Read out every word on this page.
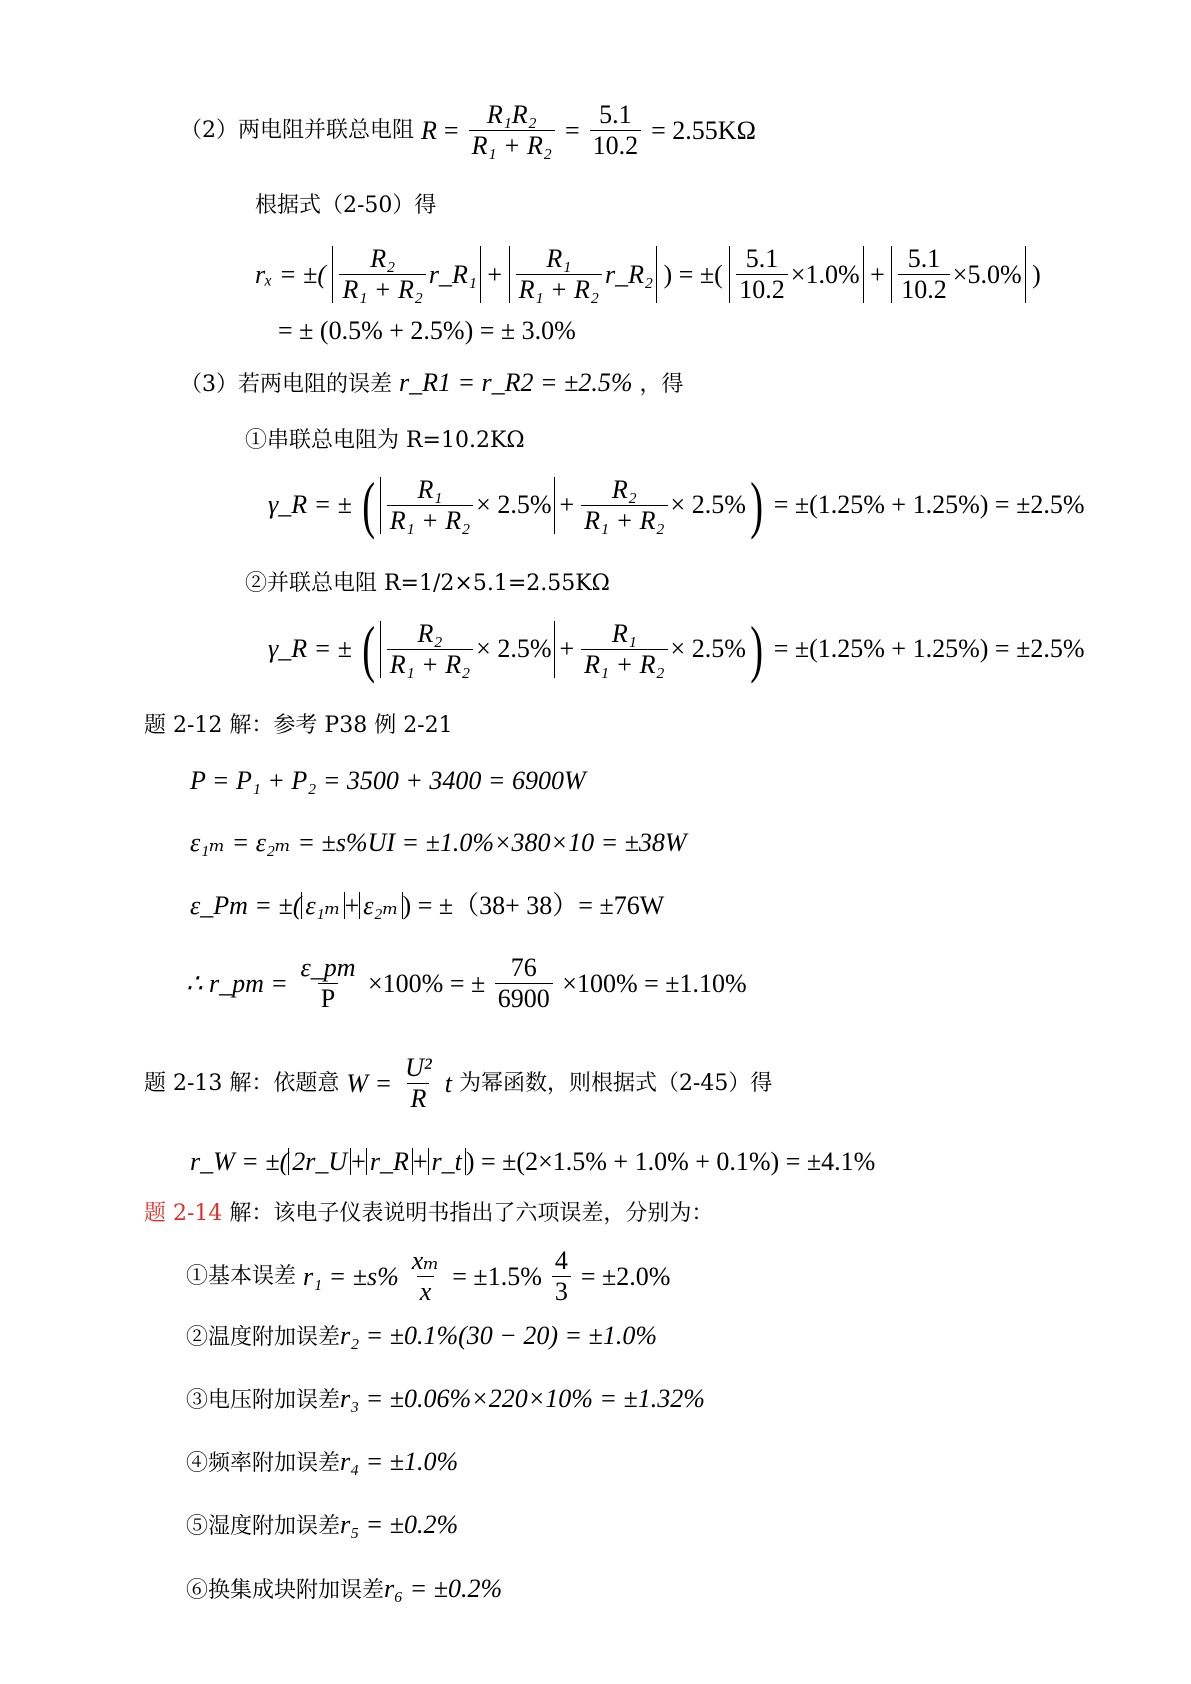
（2）两电阻并联总电阻 $R = \frac{\text{R₁R₂}}{\text{R₁ + R₂}} = \frac{5.1}{10.2} = 2.55K\Omega$
根据式（2-50）得
rₓ = ±( $\frac{\text{R₂}}{\text{R₁ + R₂}}$ r_R₁ + $\frac{\text{R₁}}{\text{R₁ + R₂}}$ r_R₂ ) = ±( $\frac{5.1}{10.2} \times 1.0\% + \frac{5.1}{10.2} \times 5.0\%$ )
= ± (0.5% + 2.5%) = ± 3.0%
（3）若两电阻的误差 r_R1 = r_R2 = ±2.5% ，得
①串联总电阻为 R=10.2KΩ
γ_R = ± ( $\frac{\text{R₁}}{\text{R₁ + R₂}} \times 2.5\% + \frac{\text{R₂}}{\text{R₁ + R₂}} \times 2.5\%$ ) = ±(1.25% + 1.25%) = ±2.5%
②并联总电阻 R=1/2×5.1=2.55KΩ
γ_R = ± ( $\frac{\text{R₂}}{\text{R₁ + R₂}} \times 2.5\% + \frac{\text{R₁}}{\text{R₁ + R₂}} \times 2.5\%$ ) = ±(1.25% + 1.25%) = ±2.5%
题 2-12 解：参考 P38 例 2-21
P = P₁ + P₂ = 3500 + 3400 = 6900W
ε₁ₘ = ε₂ₘ = ±s%UI = ±1.0%×380×10 = ±38W
ε_Pm = ±( ε₁ₘ + ε₂ₘ ) = ±（38+ 38）= ±76W
∴ r_pm = $\frac{\varepsilon\_pm}{P} \times 100\%$ = ± $\frac{76}{6900} \times 100\% = \pm 1.10\%$
题 2-13 解：依题意 $W = \frac{\text{U²}}{R}$ t 为幂函数，则根据式（2-45）得
r_W = ±( 2r_U + r_R + r_t ) = ±(2×1.5% + 1.0% + 0.1%) = ±4.1%
题 2-14 解：该电子仪表说明书指出了六项误差，分别为：
①基本误差 $r_1 = \pm s\% \frac{\text{xₘ}}{x} = \pm 1.5\% \frac{4}{3} = \pm 2.0\%$
②温度附加误差r₂ = ±0.1%(30 − 20) = ±1.0%
③电压附加误差r₃ = ±0.06%×220×10% = ±1.32%
④频率附加误差r₄ = ±1.0%
⑤湿度附加误差r₅ = ±0.2%
⑥换集成块附加误差r₆ = ±0.2%
